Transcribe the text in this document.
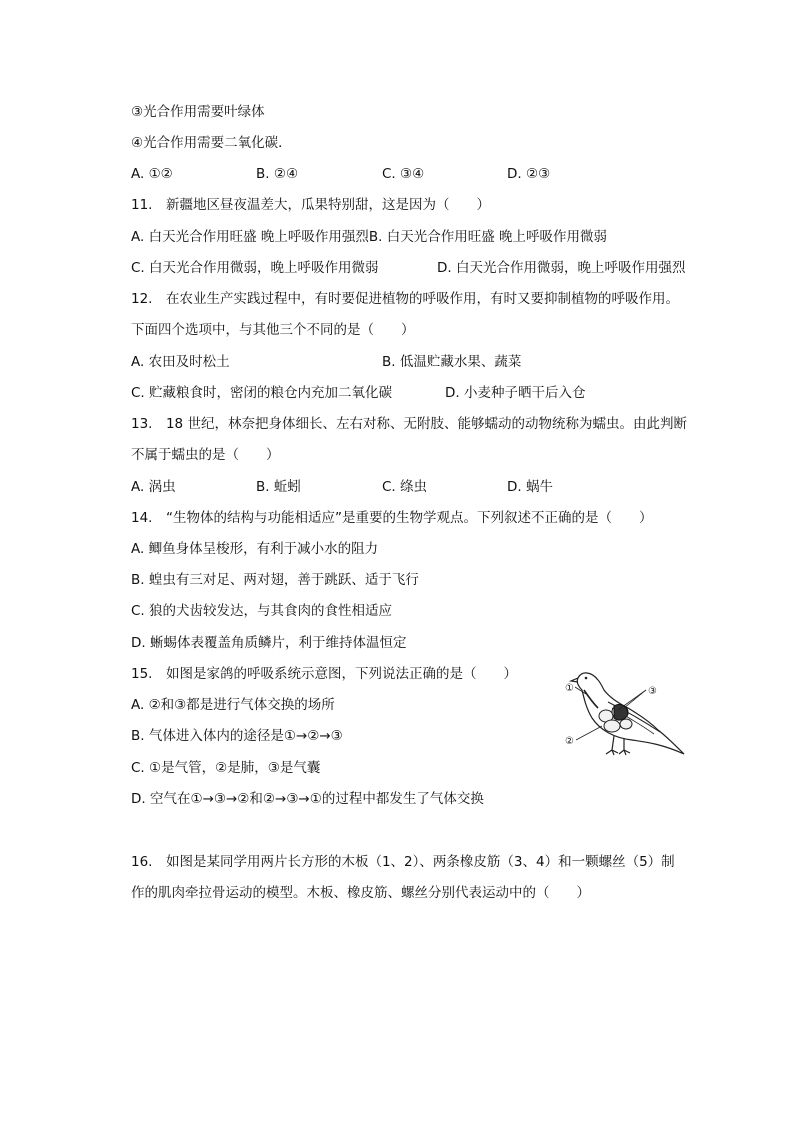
③光合作用需要叶绿体
④光合作用需要二氧化碳．
A. ①②	B. ②④	C. ③④	D. ②③
11.　新疆地区昼夜温差大，瓜果特别甜，这是因为（　　）
A. 白天光合作用旺盛 晚上呼吸作用强烈B. 白天光合作用旺盛 晚上呼吸作用微弱
C. 白天光合作用微弱，晚上呼吸作用微弱	D. 白天光合作用微弱，晚上呼吸作用强烈
12.　在农业生产实践过程中，有时要促进植物的呼吸作用，有时又要抑制植物的呼吸作用。
下面四个选项中，与其他三个不同的是（　　）
A. 农田及时松土	B. 低温贮藏水果、蔬菜
C. 贮藏粮食时，密闭的粮仓内充加二氧化碳	D. 小麦种子晒干后入仓
13.　18 世纪，林奈把身体细长、左右对称、无附肢、能够蠕动的动物统称为蠕虫。由此判断
不属于蠕虫的是（　　）
A. 涡虫	B. 蚯蚓	C. 绦虫	D. 蜗牛
14.　“生物体的结构与功能相适应”是重要的生物学观点。下列叙述不正确的是（　　）
A. 鲫鱼身体呈梭形，有利于减小水的阻力
B. 蝗虫有三对足、两对翅，善于跳跃、适于飞行
C. 狼的犬齿较发达，与其食肉的食性相适应
D. 蜥蜴体表覆盖角质鳞片，利于维持体温恒定
15.　如图是家鸽的呼吸系统示意图，下列说法正确的是（　　）
A. ②和③都是进行气体交换的场所
B. 气体进入体内的途径是①→②→③
C. ①是气管，②是肺，③是气囊
D. 空气在①→③→②和②→③→①的过程中都发生了气体交换
①	③
②
16.　如图是某同学用两片长方形的木板（1、2）、两条橡皮筋（3、4）和一颗螺丝（5）制
作的肌肉牵拉骨运动的模型。木板、橡皮筋、螺丝分别代表运动中的（　　）
